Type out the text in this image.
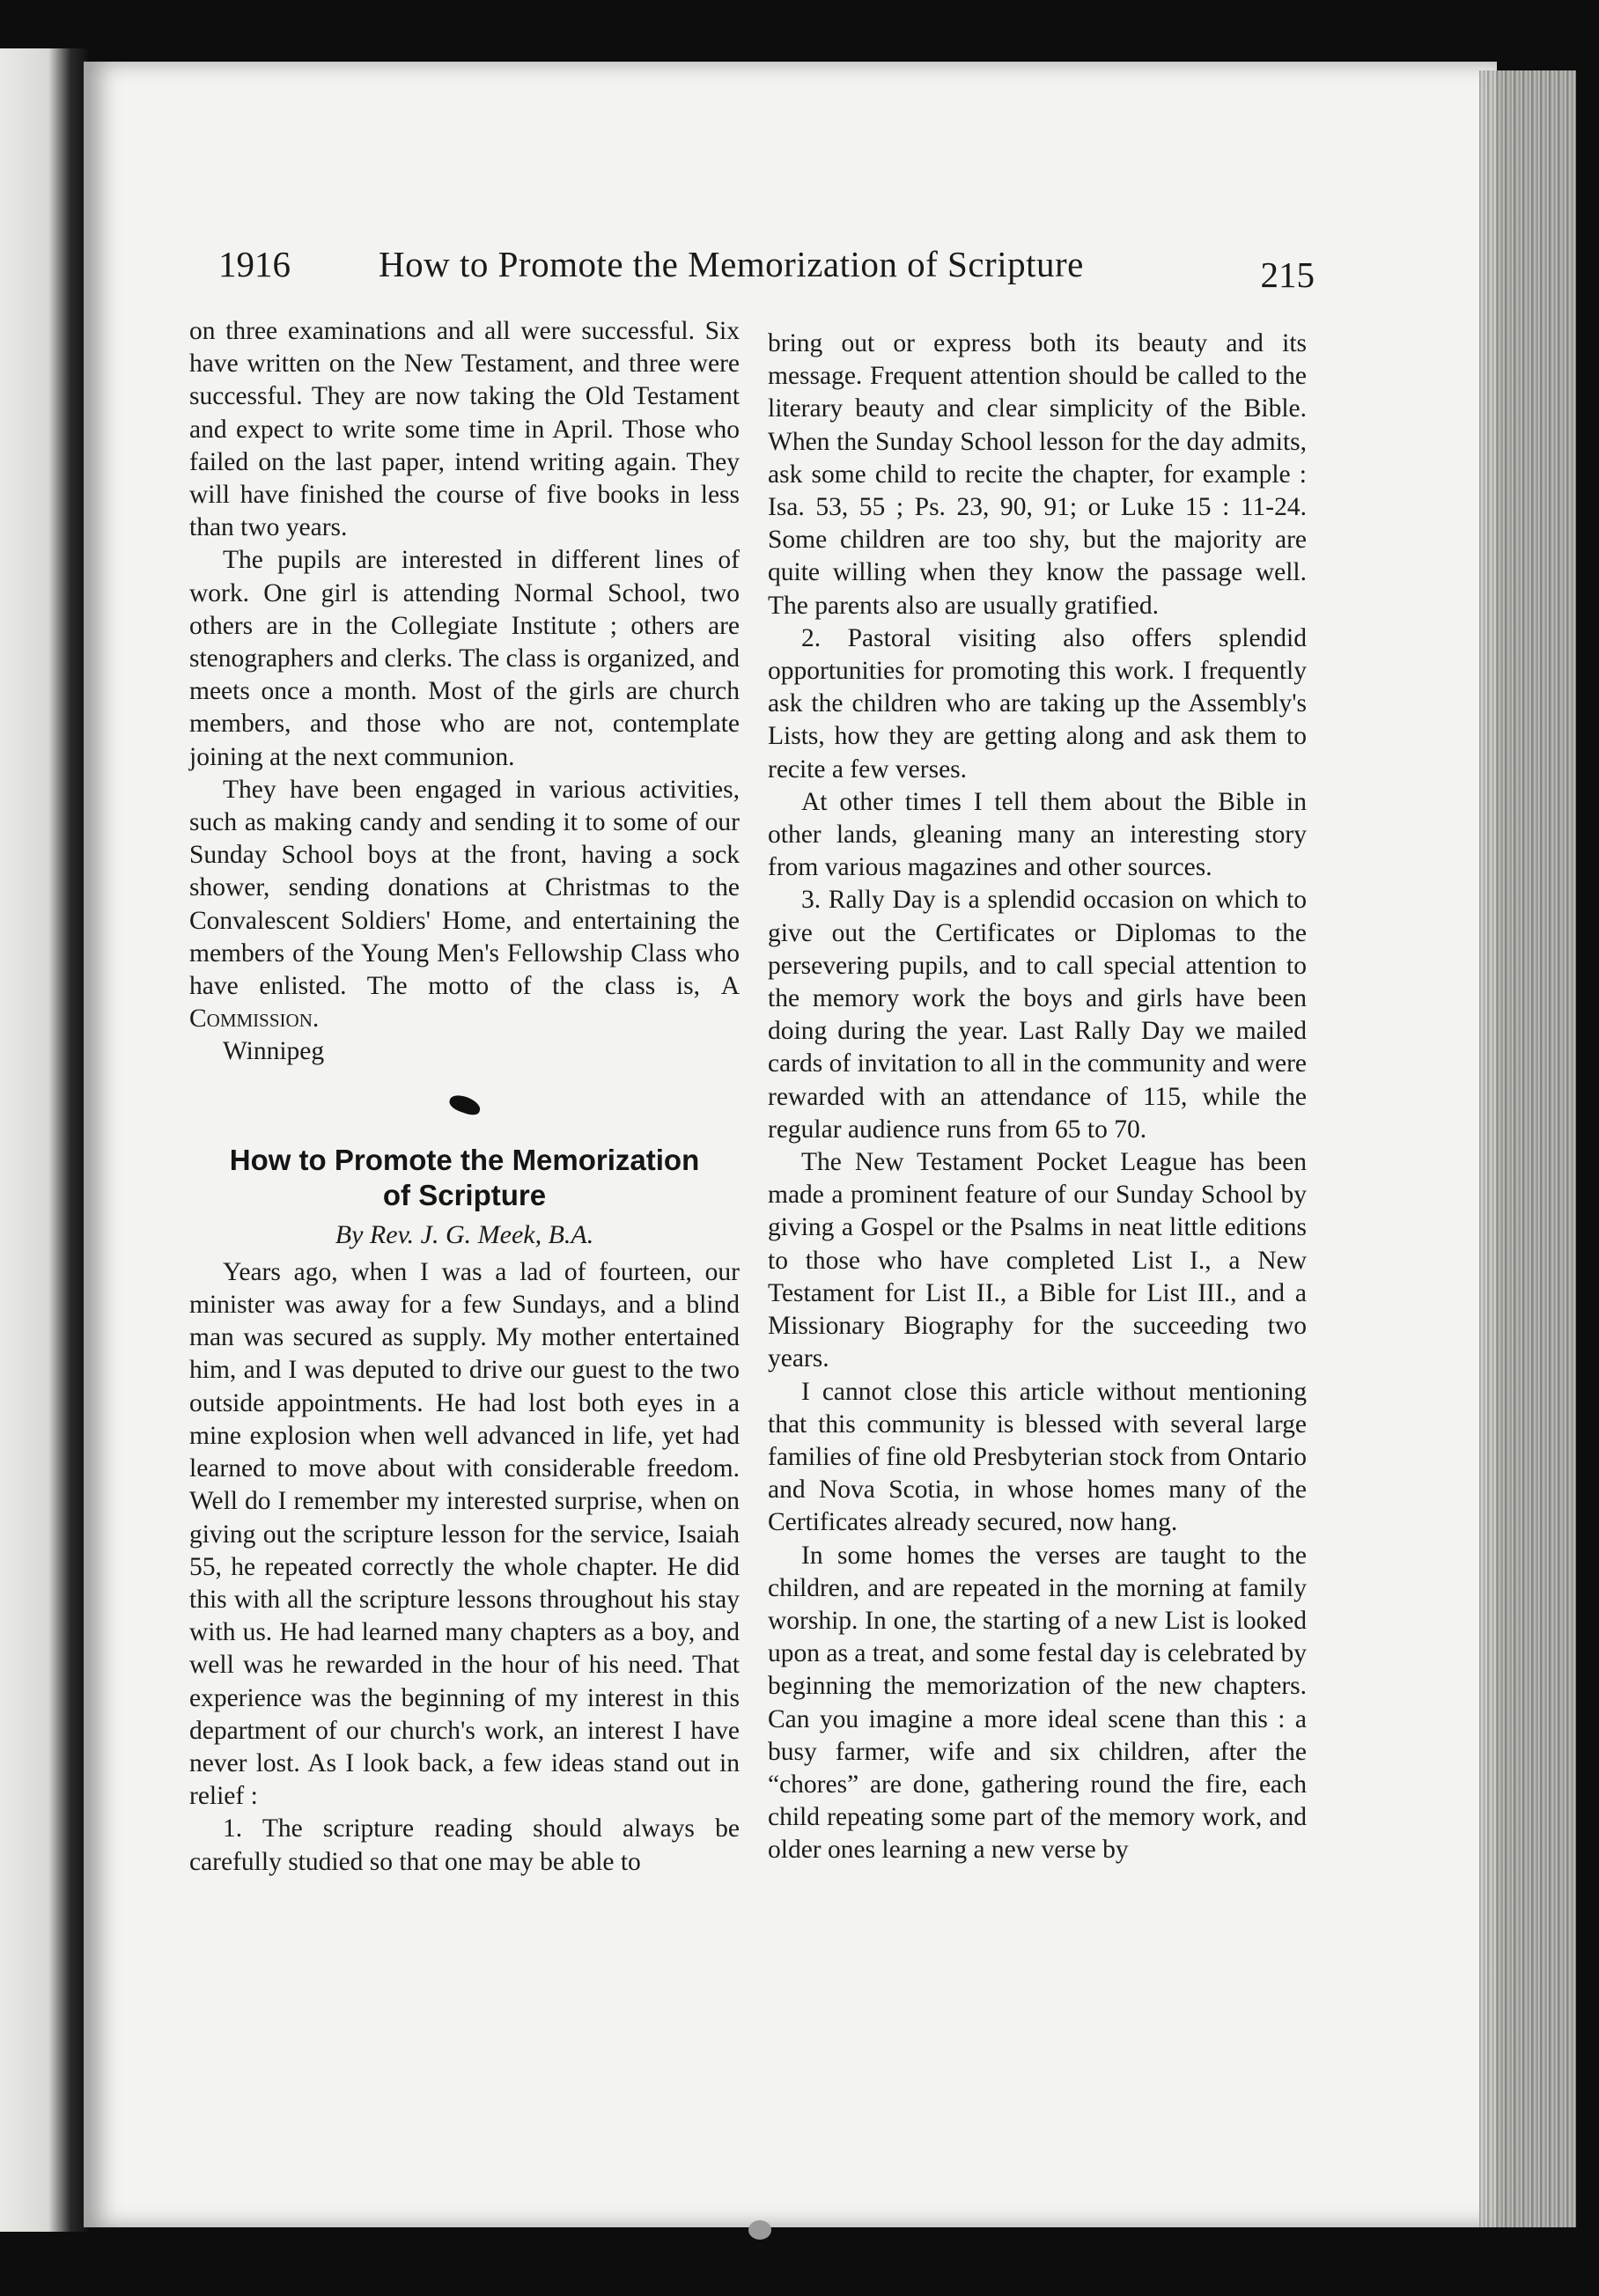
1916 How to Promote the Memorization of Scripture	215

on three examinations and all were successful. Six have written on the New Testament, and three were successful. They are now taking the Old Testament and expect to write some time in April. Those who failed on the last paper, intend writing again. They will have finished the course of five books in less than two years.

The pupils are interested in different lines of work. One girl is attending Normal School, two others are in the Collegiate Institute ; others are stenographers and clerks. The class is organized, and meets once a month. Most of the girls are church members, and those who are not, contemplate joining at the next communion.

They have been engaged in various activities, such as making candy and sending it to some of our Sunday School boys at the front, having a sock shower, sending donations at Christmas to the Convalescent Soldiers' Home, and entertaining the members of the Young Men's Fellowship Class who have enlisted. The motto of the class is, A Commission.

Winnipeg

How to Promote the Memorization
of Scripture
By Rev. J. G. Meek, B.A.

Years ago, when I was a lad of fourteen, our minister was away for a few Sundays, and a blind man was secured as supply. My mother entertained him, and I was deputed to drive our guest to the two outside appointments. He had lost both eyes in a mine explosion when well advanced in life, yet had learned to move about with considerable freedom. Well do I remember my interested surprise, when on giving out the scripture lesson for the service, Isaiah 55, he repeated correctly the whole chapter. He did this with all the scripture lessons throughout his stay with us. He had learned many chapters as a boy, and well was he rewarded in the hour of his need. That experience was the beginning of my interest in this department of our church's work, an interest I have never lost. As I look back, a few ideas stand out in relief :

1. The scripture reading should always be carefully studied so that one may be able to

bring out or express both its beauty and its message. Frequent attention should be called to the literary beauty and clear simplicity of the Bible. When the Sunday School lesson for the day admits, ask some child to recite the chapter, for example : Isa. 53, 55 ; Ps. 23, 90, 91; or Luke 15 : 11-24. Some children are too shy, but the majority are quite willing when they know the passage well. The parents also are usually gratified.

2. Pastoral visiting also offers splendid opportunities for promoting this work. I frequently ask the children who are taking up the Assembly's Lists, how they are getting along and ask them to recite a few verses.

At other times I tell them about the Bible in other lands, gleaning many an interesting story from various magazines and other sources.

3. Rally Day is a splendid occasion on which to give out the Certificates or Diplomas to the persevering pupils, and to call special attention to the memory work the boys and girls have been doing during the year. Last Rally Day we mailed cards of invitation to all in the community and were rewarded with an attendance of 115, while the regular audience runs from 65 to 70.

The New Testament Pocket League has been made a prominent feature of our Sunday School by giving a Gospel or the Psalms in neat little editions to those who have completed List I., a New Testament for List II., a Bible for List III., and a Missionary Biography for the succeeding two years.

I cannot close this article without mentioning that this community is blessed with several large families of fine old Presbyterian stock from Ontario and Nova Scotia, in whose homes many of the Certificates already secured, now hang.

In some homes the verses are taught to the children, and are repeated in the morning at family worship. In one, the starting of a new List is looked upon as a treat, and some festal day is celebrated by beginning the memorization of the new chapters. Can you imagine a more ideal scene than this : a busy farmer, wife and six children, after the “chores” are done, gathering round the fire, each child repeating some part of the memory work, and older ones learning a new verse by
